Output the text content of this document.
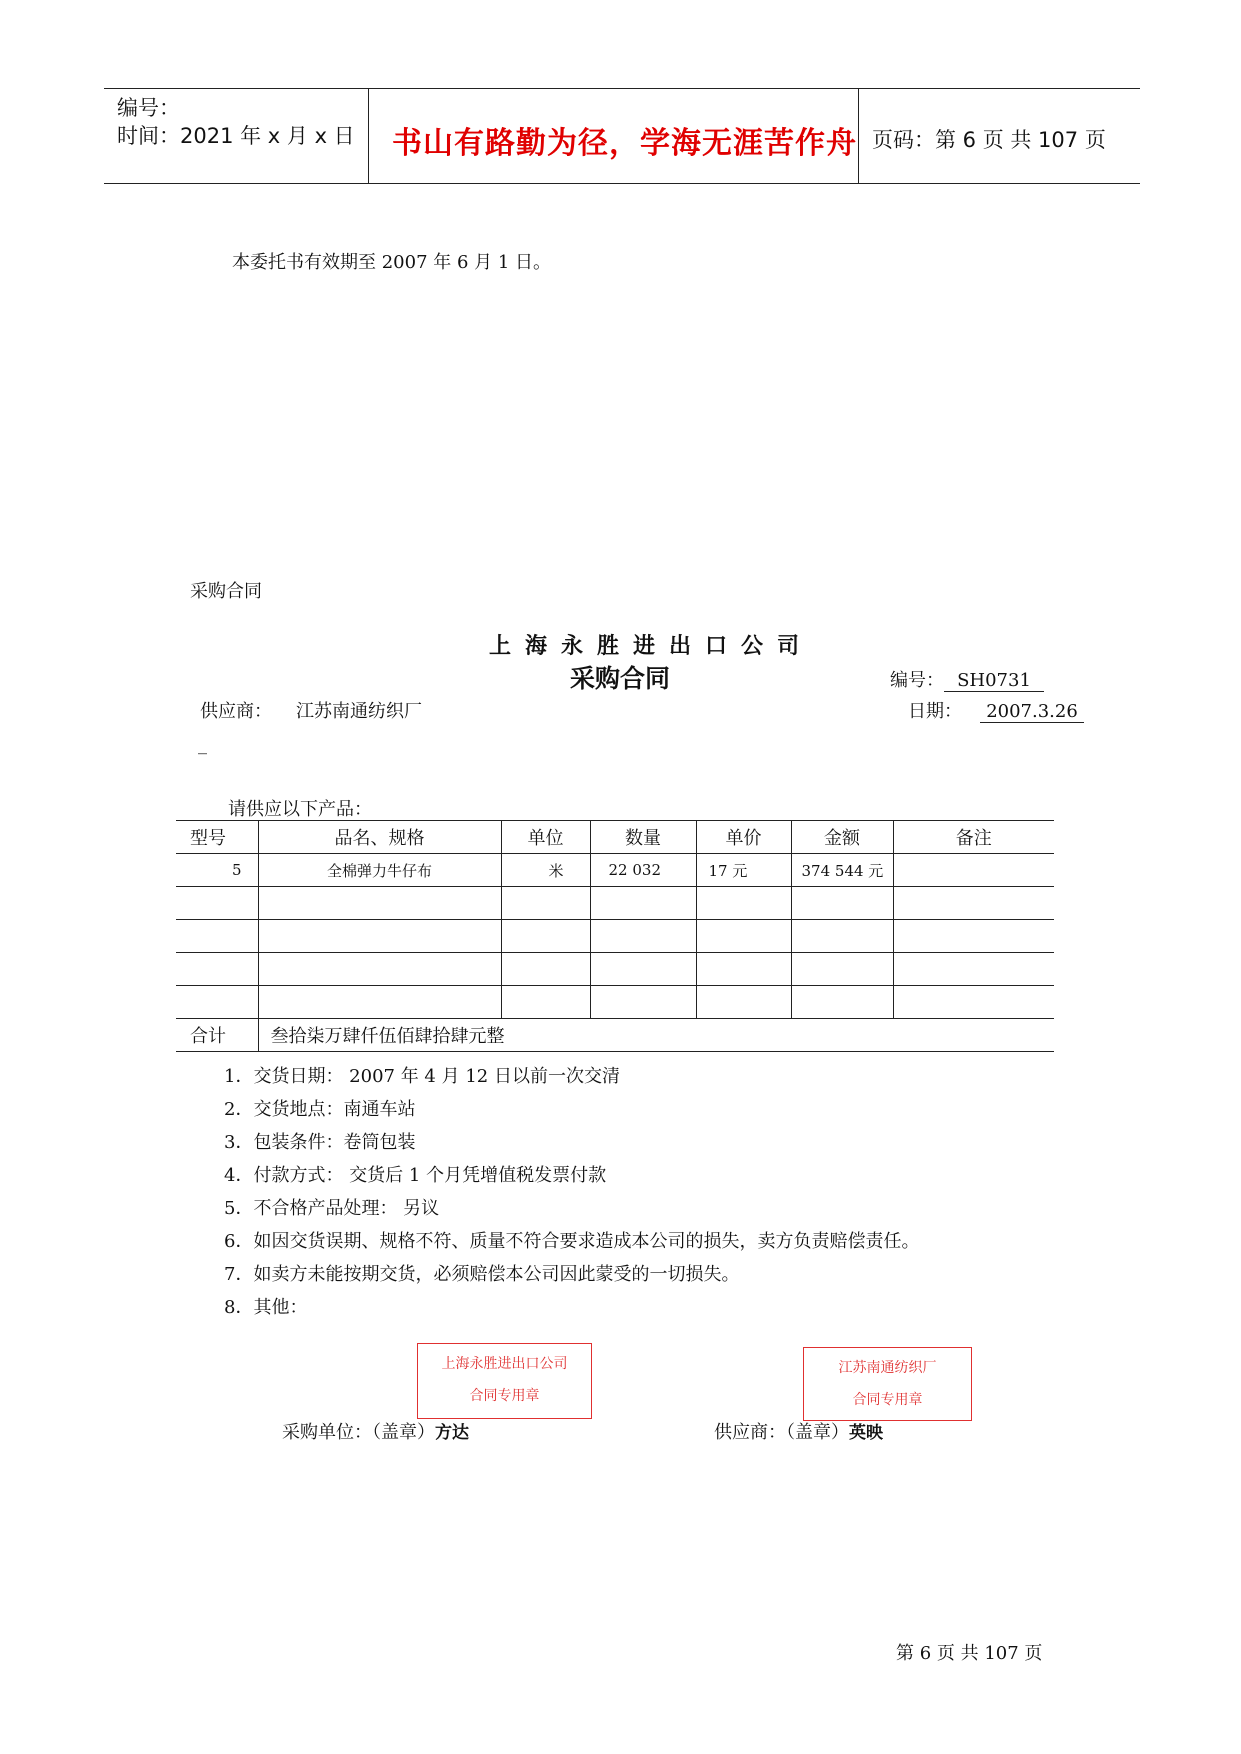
编号：
时间：2021 年 x 月 x 日 书山有路勤为径，学海无涯苦作舟 页码：第 6 页 共 107 页
本委托书有效期至 2007 年 6 月 1 日。
采购合同
上海永胜进出口公司
采购合同	编号： SH0731
供应商： 江苏南通纺织厂	日期： 2007.3.26
_
请供应以下产品：
型号	品名、规格	单位	数量	单价	金额	备注
5	全棉弹力牛仔布	米	22 032	17 元	374 544 元	

合计	叁拾柒万肆仟伍佰肆拾肆元整					
1．交货日期： 2007 年 4 月 12 日以前一次交清
2．交货地点：南通车站
3．包装条件：卷筒包装
4．付款方式： 交货后 1 个月凭增值税发票付款
5．不合格产品处理： 另议
6．如因交货误期、规格不符、质量不符合要求造成本公司的损失，卖方负责赔偿责任。
7．如卖方未能按期交货，必须赔偿本公司因此蒙受的一切损失。
8．其他：
上海永胜进出口公司
合同专用章
江苏南通纺织厂
合同专用章
采购单位：（盖章）方达	供应商：（盖章）英映
第 6 页 共 107 页
